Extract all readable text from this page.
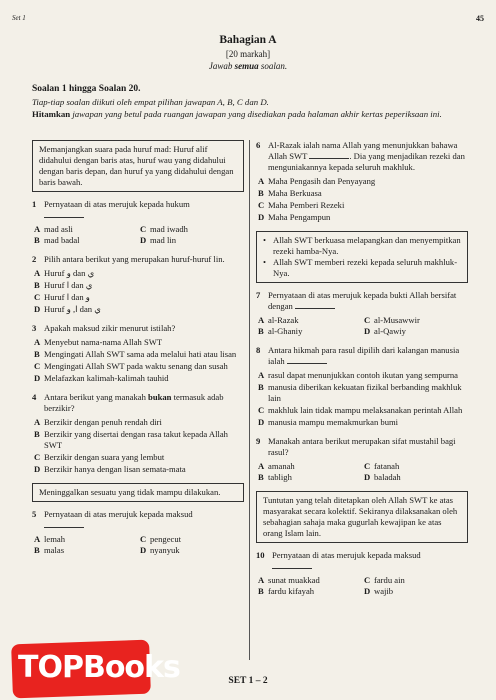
Set 1	45
Bahagian A
[20 markah]
Jawab semua soalan.
Soalan 1 hingga Soalan 20.
Tiap-tiap soalan diikuti oleh empat pilihan jawapan A, B, C dan D.
Hitamkan jawapan yang betul pada ruangan jawapan yang disediakan pada halaman akhir kertas peperiksaan ini.
Memanjangkan suara pada huruf mad: Huruf alif didahului dengan baris atas, huruf wau yang didahului dengan baris depan, dan huruf ya yang didahului dengan baris bawah.
1 Pernyataan di atas merujuk kepada hukum

A mad asli	C mad iwadh
B mad badal	D mad lin
2 Pilih antara berikut yang merupakan huruf-huruf lin.
A Huruf و dan ي
B Huruf ا dan ي
C Huruf ا dan و
D Huruf ا, و dan ي
3 Apakah maksud zikir menurut istilah?
A Menyebut nama-nama Allah SWT
B Mengingati Allah SWT sama ada melalui hati atau lisan
C Mengingati Allah SWT pada waktu senang dan susah
D Melafazkan kalimah-kalimah tauhid
4 Antara berikut yang manakah bukan termasuk adab berzikir?
A Berzikir dengan penuh rendah diri
B Berzikir yang disertai dengan rasa takut kepada Allah SWT
C Berzikir dengan suara yang lembut
D Berzikir hanya dengan lisan semata-mata
Meninggalkan sesuatu yang tidak mampu dilakukan.
5 Pernyataan di atas merujuk kepada maksud

A lemah	C pengecut
B malas	D nyanyuk
6 Al-Razak ialah nama Allah yang menunjukkan bahawa Allah SWT	. Dia yang menjadikan rezeki dan menguniakannya kepada seluruh makhluk.
A Maha Pengasih dan Penyayang
B Maha Berkuasa
C Maha Pemberi Rezeki
D Maha Pengampun
• Allah SWT berkuasa melapangkan dan menyempitkan rezeki hamba-Nya.
• Allah SWT memberi rezeki kepada seluruh makhluk-Nya.
7 Pernyataan di atas merujuk kepada bukti Allah bersifat dengan
A al-Razak	C al-Musawwir
B al-Ghaniy	D al-Qawiy
8 Antara hikmah para rasul dipilih dari kalangan manusia ialah
A rasul dapat menunjukkan contoh ikutan yang sempurna
B manusia diberikan kekuatan fizikal berbanding makhluk lain
C makhluk lain tidak mampu melaksanakan perintah Allah
D manusia mampu memakmurkan bumi
9 Manakah antara berikut merupakan sifat mustahil bagi rasul?
A amanah	C fatanah
B tabligh	D baladah
Tuntutan yang telah ditetapkan oleh Allah SWT ke atas masyarakat secara kolektif. Sekiranya dilaksanakan oleh sebahagian sahaja maka gugurlah kewajipan ke atas orang Islam lain.
10 Pernyataan di atas merujuk kepada maksud

A sunat muakkad	C fardu ain
B fardu kifayah	D wajib
SET 1 – 2
TOPBooks
